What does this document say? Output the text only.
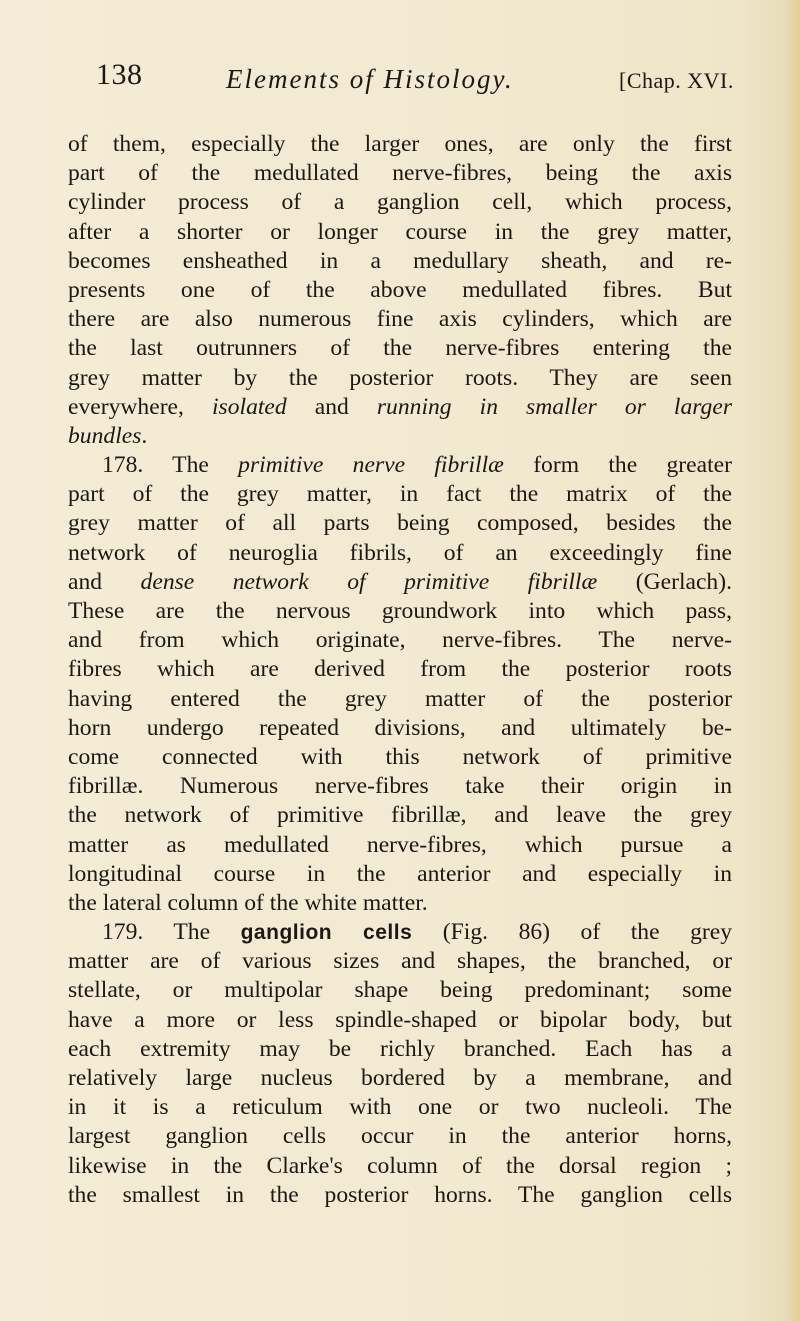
138	Elements of Histology.	[Chap. XVI.
of them, especially the larger ones, are only the first
part of the medullated nerve-fibres, being the axis
cylinder process of a ganglion cell, which process,
after a shorter or longer course in the grey matter,
becomes ensheathed in a medullary sheath, and re-
presents one of the above medullated fibres. But
there are also numerous fine axis cylinders, which are
the last outrunners of the nerve-fibres entering the
grey matter by the posterior roots. They are seen
everywhere, isolated and running in smaller or larger
bundles.
178. The primitive nerve fibrillæ form the greater
part of the grey matter, in fact the matrix of the
grey matter of all parts being composed, besides the
network of neuroglia fibrils, of an exceedingly fine
and dense network of primitive fibrillæ (Gerlach).
These are the nervous groundwork into which pass,
and from which originate, nerve-fibres. The nerve-
fibres which are derived from the posterior roots
having entered the grey matter of the posterior
horn undergo repeated divisions, and ultimately be-
come connected with this network of primitive
fibrillæ. Numerous nerve-fibres take their origin in
the network of primitive fibrillæ, and leave the grey
matter as medullated nerve-fibres, which pursue a
longitudinal course in the anterior and especially in
the lateral column of the white matter.
179. The ganglion cells (Fig. 86) of the grey
matter are of various sizes and shapes, the branched, or
stellate, or multipolar shape being predominant; some
have a more or less spindle-shaped or bipolar body, but
each extremity may be richly branched. Each has a
relatively large nucleus bordered by a membrane, and
in it is a reticulum with one or two nucleoli. The
largest ganglion cells occur in the anterior horns,
likewise in the Clarke's column of the dorsal region ;
the smallest in the posterior horns. The ganglion cells
